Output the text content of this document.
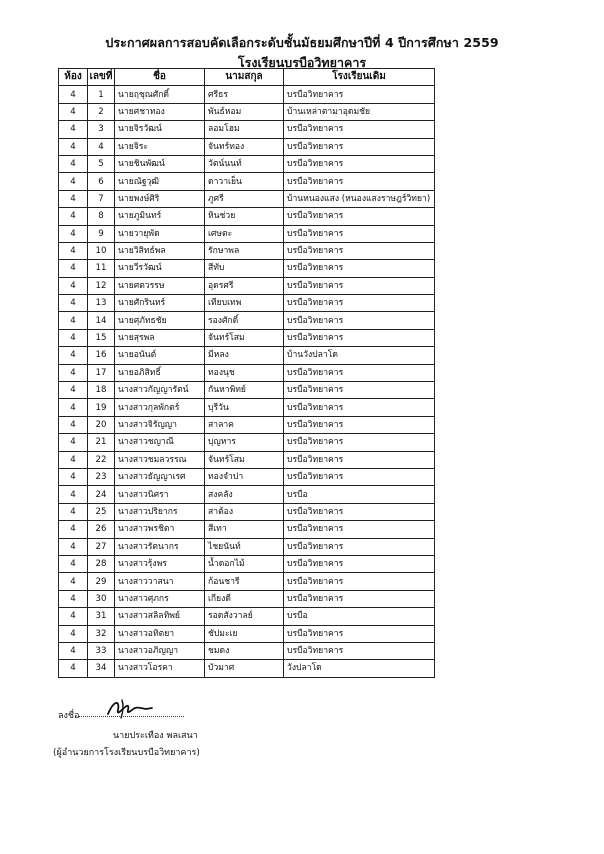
ประกาศผลการสอบคัดเลือกระดับชั้นมัธยมศึกษาปีที่ 4 ปีการศึกษา 2559
โรงเรียนบรบือวิทยาคาร
ห้อง	เลขที่	ชื่อ	นามสกุล	โรงเรียนเดิม
4	1	นายฤชุณศักดิ์	ศรีธร	บรบือวิทยาคาร
4	2	นายศชาทอง	พันธ์หอม	บ้านเหล่าตามาอุดมชัย
4	3	นายจิรวัฒน์	ลอมโฮม	บรบือวิทยาคาร
4	4	นายจิระ	จันทร์ทอง	บรบือวิทยาคาร
4	5	นายชินพัฒน์	วัตน์นนท์	บรบือวิทยาคาร
4	6	นายณัฐวุฒิ	ดาวาเย็น	บรบือวิทยาคาร
4	7	นายพงษ์ศิริ	ภูศรี	บ้านหนองแสง (หนองแสงราษฎร์วิทยา)
4	8	นายภูมินทร์	หินช่วย	บรบือวิทยาคาร
4	9	นายวายุพัด	เศษตะ	บรบือวิทยาคาร
4	10	นายวิสิทธ์พล	รักษาพล	บรบือวิทยาคาร
4	11	นายวีรวัฒน์	สีทับ	บรบือวิทยาคาร
4	12	นายศตวรรษ	อุดรศรี	บรบือวิทยาคาร
4	13	นายศักรินทร์	เทียบเทพ	บรบือวิทยาคาร
4	14	นายศุภัทธชัย	รองศักดิ์	บรบือวิทยาคาร
4	15	นายสุรพล	จันทร์โสม	บรบือวิทยาคาร
4	16	นายอนันต์	มีหลง	บ้านวังปลาโด
4	17	นายอภิสิทธิ์	ทองนุช	บรบือวิทยาคาร
4	18	นางสาวกัญญารัตน์	กันหาพิทย์	บรบือวิทยาคาร
4	19	นางสาวกุลพักตร์	บุรีวัน	บรบือวิทยาคาร
4	20	นางสาวจิรัญญา	สาลาค	บรบือวิทยาคาร
4	21	นางสาวชญาณี	บุญหาร	บรบือวิทยาคาร
4	22	นางสาวชมลวรรณ	จันทร์โสม	บรบือวิทยาคาร
4	23	นางสาวธัญญาเรศ	ทองจำปา	บรบือวิทยาคาร
4	24	นางสาวนิศรา	สงคลัง	บรบือ
4	25	นางสาวปริยากร	สาต้อง	บรบือวิทยาคาร
4	26	นางสาวพรชิตา	สีเทา	บรบือวิทยาคาร
4	27	นางสาวรัตนากร	ไชยนันท์	บรบือวิทยาคาร
4	28	นางสาวรุ้งพร	น้ำดอกไม้	บรบือวิทยาคาร
4	29	นางสาววาสนา	ก้อนชารี	บรบือวิทยาคาร
4	30	นางสาวศุภกร	เกียงดี	บรบือวิทยาคาร
4	31	นางสาวสลิลทิพย์	รอดสังวาลย์	บรบือ
4	32	นางสาวอทิตยา	ชัปมะเย	บรบือวิทยาคาร
4	33	นางสาวอภิญญา	ชมดง	บรบือวิทยาคาร
4	34	นางสาวโอรคา	บัวมาศ	วังปลาโด
ลงชื่อ
นายประเทือง พลเสนา
(ผู้อำนวยการโรงเรียนบรบือวิทยาคาร)
